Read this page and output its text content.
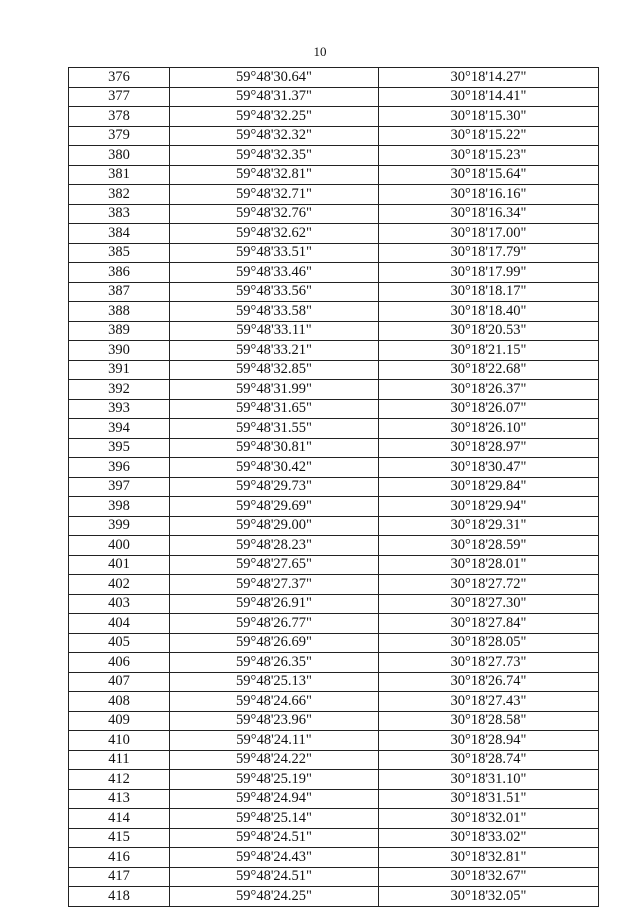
10
376	59°48'30.64"	30°18'14.27"
377	59°48'31.37"	30°18'14.41"
378	59°48'32.25"	30°18'15.30"
379	59°48'32.32"	30°18'15.22"
380	59°48'32.35"	30°18'15.23"
381	59°48'32.81"	30°18'15.64"
382	59°48'32.71"	30°18'16.16"
383	59°48'32.76"	30°18'16.34"
384	59°48'32.62"	30°18'17.00"
385	59°48'33.51"	30°18'17.79"
386	59°48'33.46"	30°18'17.99"
387	59°48'33.56"	30°18'18.17"
388	59°48'33.58"	30°18'18.40"
389	59°48'33.11"	30°18'20.53"
390	59°48'33.21"	30°18'21.15"
391	59°48'32.85"	30°18'22.68"
392	59°48'31.99"	30°18'26.37"
393	59°48'31.65"	30°18'26.07"
394	59°48'31.55"	30°18'26.10"
395	59°48'30.81"	30°18'28.97"
396	59°48'30.42"	30°18'30.47"
397	59°48'29.73"	30°18'29.84"
398	59°48'29.69"	30°18'29.94"
399	59°48'29.00"	30°18'29.31"
400	59°48'28.23"	30°18'28.59"
401	59°48'27.65"	30°18'28.01"
402	59°48'27.37"	30°18'27.72"
403	59°48'26.91"	30°18'27.30"
404	59°48'26.77"	30°18'27.84"
405	59°48'26.69"	30°18'28.05"
406	59°48'26.35"	30°18'27.73"
407	59°48'25.13"	30°18'26.74"
408	59°48'24.66"	30°18'27.43"
409	59°48'23.96"	30°18'28.58"
410	59°48'24.11"	30°18'28.94"
411	59°48'24.22"	30°18'28.74"
412	59°48'25.19"	30°18'31.10"
413	59°48'24.94"	30°18'31.51"
414	59°48'25.14"	30°18'32.01"
415	59°48'24.51"	30°18'33.02"
416	59°48'24.43"	30°18'32.81"
417	59°48'24.51"	30°18'32.67"
418	59°48'24.25"	30°18'32.05"
